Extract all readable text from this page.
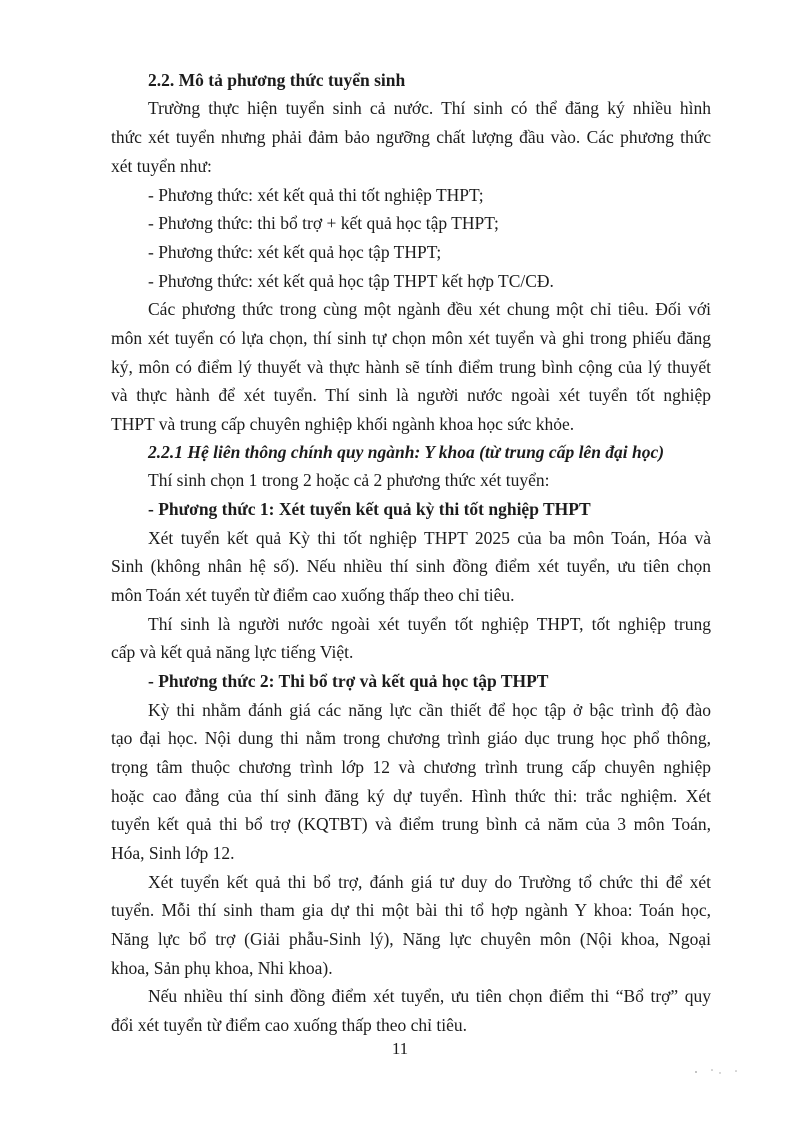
2.2. Mô tả phương thức tuyển sinh
Trường thực hiện tuyển sinh cả nước. Thí sinh có thể đăng ký nhiều hình
thức xét tuyển nhưng phải đảm bảo ngưỡng chất lượng đầu vào. Các phương thức
xét tuyển như:
- Phương thức: xét kết quả thi tốt nghiệp THPT;
- Phương thức: thi bổ trợ + kết quả học tập THPT;
- Phương thức: xét kết quả học tập THPT;
- Phương thức: xét kết quả học tập THPT kết hợp TC/CĐ.
Các phương thức trong cùng một ngành đều xét chung một chỉ tiêu. Đối với
môn xét tuyển có lựa chọn, thí sinh tự chọn môn xét tuyển và ghi trong phiếu đăng
ký, môn có điểm lý thuyết và thực hành sẽ tính điểm trung bình cộng của lý thuyết
và thực hành để xét tuyển. Thí sinh là người nước ngoài xét tuyển tốt nghiệp
THPT và trung cấp chuyên nghiệp khối ngành khoa học sức khỏe.
2.2.1 Hệ liên thông chính quy ngành: Y khoa (từ trung cấp lên đại học)
Thí sinh chọn 1 trong 2 hoặc cả 2 phương thức xét tuyển:
- Phương thức 1: Xét tuyển kết quả kỳ thi tốt nghiệp THPT
Xét tuyển kết quả Kỳ thi tốt nghiệp THPT 2025 của ba môn Toán, Hóa và
Sinh (không nhân hệ số). Nếu nhiều thí sinh đồng điểm xét tuyển, ưu tiên chọn
môn Toán xét tuyển từ điểm cao xuống thấp theo chỉ tiêu.
Thí sinh là người nước ngoài xét tuyển tốt nghiệp THPT, tốt nghiệp trung
cấp và kết quả năng lực tiếng Việt.
- Phương thức 2: Thi bổ trợ và kết quả học tập THPT
Kỳ thi nhằm đánh giá các năng lực cần thiết để học tập ở bậc trình độ đào
tạo đại học. Nội dung thi nằm trong chương trình giáo dục trung học phổ thông,
trọng tâm thuộc chương trình lớp 12 và chương trình trung cấp chuyên nghiệp
hoặc cao đẳng của thí sinh đăng ký dự tuyển. Hình thức thi: trắc nghiệm. Xét
tuyển kết quả thi bổ trợ (KQTBT) và điểm trung bình cả năm của 3 môn Toán,
Hóa, Sinh lớp 12.
Xét tuyển kết quả thi bổ trợ, đánh giá tư duy do Trường tổ chức thi để xét
tuyển. Mỗi thí sinh tham gia dự thi một bài thi tổ hợp ngành Y khoa: Toán học,
Năng lực bổ trợ (Giải phẫu-Sinh lý), Năng lực chuyên môn (Nội khoa, Ngoại
khoa, Sản phụ khoa, Nhi khoa).
Nếu nhiều thí sinh đồng điểm xét tuyển, ưu tiên chọn điểm thi “Bổ trợ” quy
đổi xét tuyển từ điểm cao xuống thấp theo chỉ tiêu.
11
